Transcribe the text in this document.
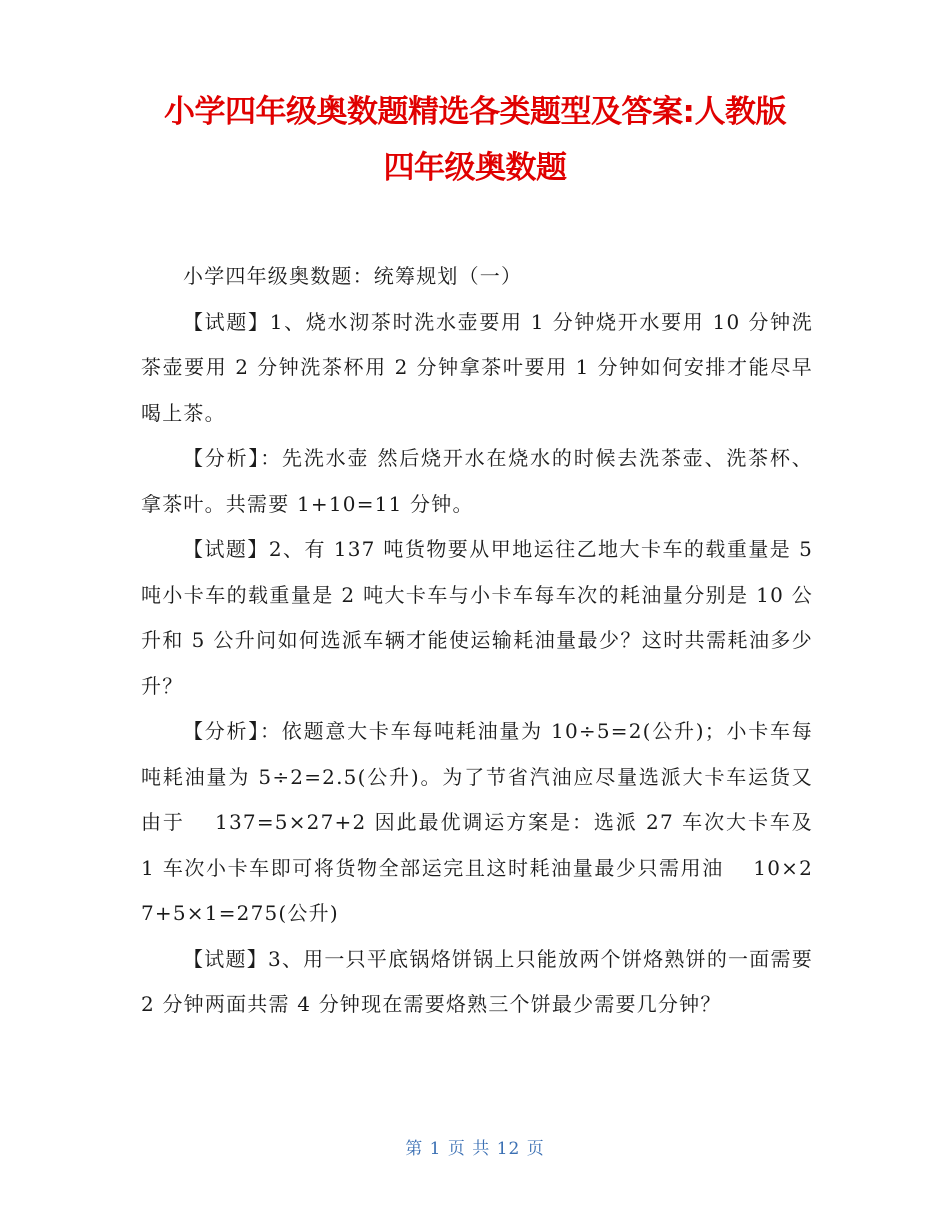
小学四年级奥数题精选各类题型及答案:人教版
四年级奥数题

小学四年级奥数题：统筹规划（一）

【试题】1、烧水沏茶时洗水壶要用 1 分钟烧开水要用 10 分钟洗茶壶要用 2 分钟洗茶杯用 2 分钟拿茶叶要用 1 分钟如何安排才能尽早喝上茶。

【分析】：先洗水壶 然后烧开水在烧水的时候去洗茶壶、洗茶杯、拿茶叶。共需要 1+10=11 分钟。

【试题】2、有 137 吨货物要从甲地运往乙地大卡车的载重量是 5 吨小卡车的载重量是 2 吨大卡车与小卡车每车次的耗油量分别是 10 公升和 5 公升问如何选派车辆才能使运输耗油量最少？这时共需耗油多少升？

【分析】：依题意大卡车每吨耗油量为 10÷5=2(公升)；小卡车每吨耗油量为 5÷2=2.5(公升)。为了节省汽油应尽量选派大卡车运货又由于　 137=5×27+2 因此最优调运方案是：选派 27 车次大卡车及 1 车次小卡车即可将货物全部运完且这时耗油量最少只需用油　 10×27+5×1=275(公升)

【试题】3、用一只平底锅烙饼锅上只能放两个饼烙熟饼的一面需要 2 分钟两面共需 4 分钟现在需要烙熟三个饼最少需要几分钟？

第 1 页 共 12 页
